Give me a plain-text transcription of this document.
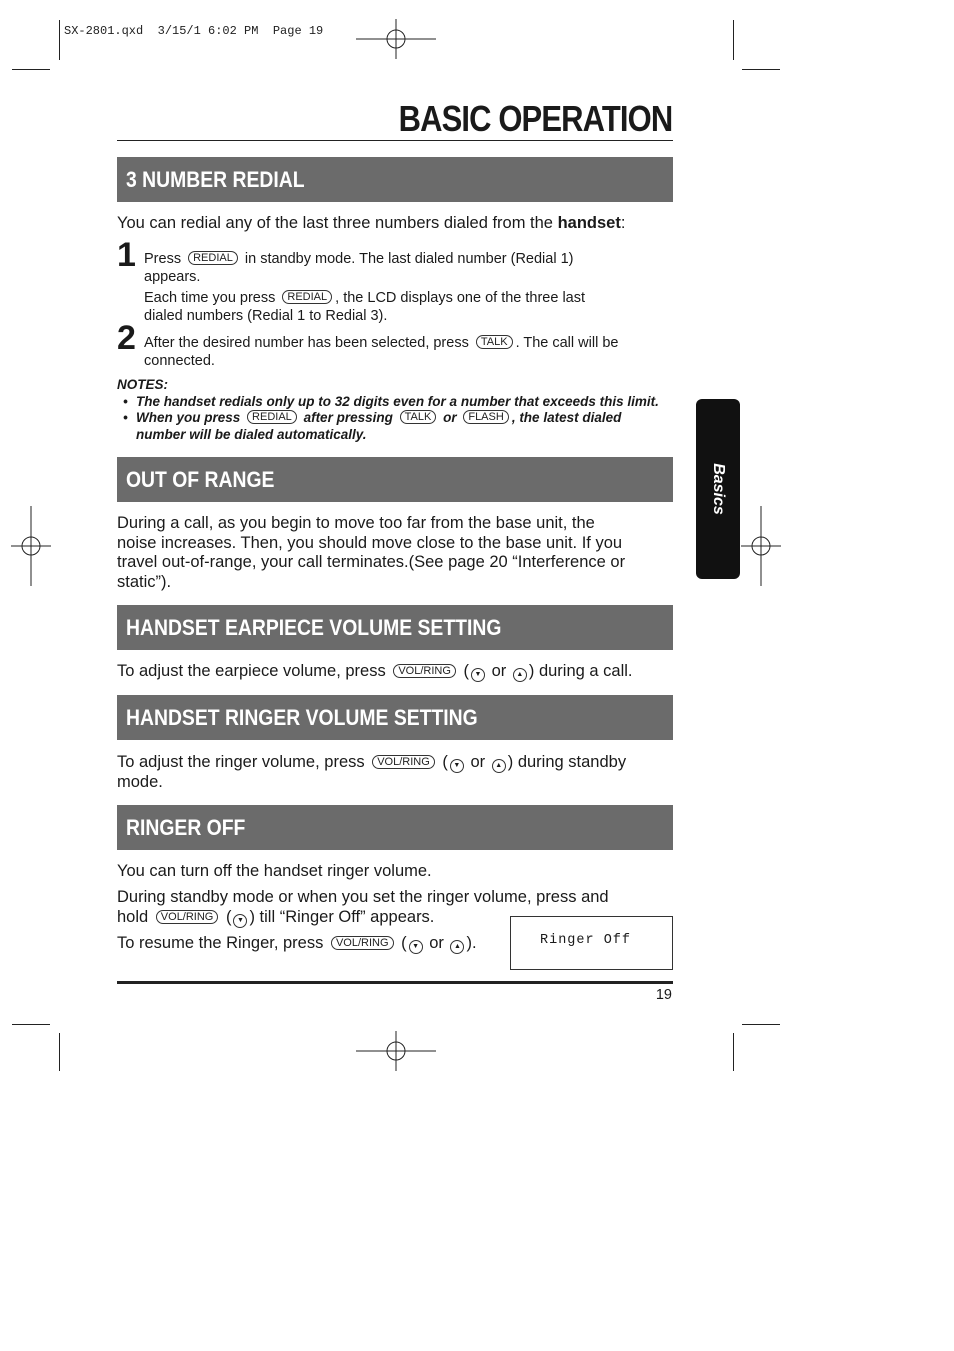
SX-2801.qxd  3/15/1 6:02 PM  Page 19
BASIC OPERATION
Basics
3 NUMBER REDIAL
You can redial any of the last three numbers dialed from the handset:
1 Press REDIAL in standby mode. The last dialed number (Redial 1)
appears.
Each time you press REDIAL , the LCD displays one of the three last
dialed numbers (Redial 1 to Redial 3).
2 After the desired number has been selected, press TALK . The call will be
connected.
NOTES:
• The handset redials only up to 32 digits even for a number that exceeds this limit.
• When you press REDIAL after pressing TALK or FLASH , the latest dialed
number will be dialed automatically.
OUT OF RANGE
During a call, as you begin to move too far from the base unit, the
noise increases. Then, you should move close to the base unit. If you
travel out-of-range, your call terminates.(See page 20 “Interference or
static”).
HANDSET EARPIECE VOLUME SETTING
To adjust the earpiece volume, press VOL/RING ( ▼ or ▲ ) during a call.
HANDSET RINGER VOLUME SETTING
To adjust the ringer volume, press VOL/RING ( ▼ or ▲ ) during standby
mode.
RINGER OFF
You can turn off the handset ringer volume.
During standby mode or when you set the ringer volume, press and
hold VOL/RING ( ▼ ) till “Ringer Off” appears.
To resume the Ringer, press VOL/RING ( ▼ or ▲ ).	Ringer Off
19
